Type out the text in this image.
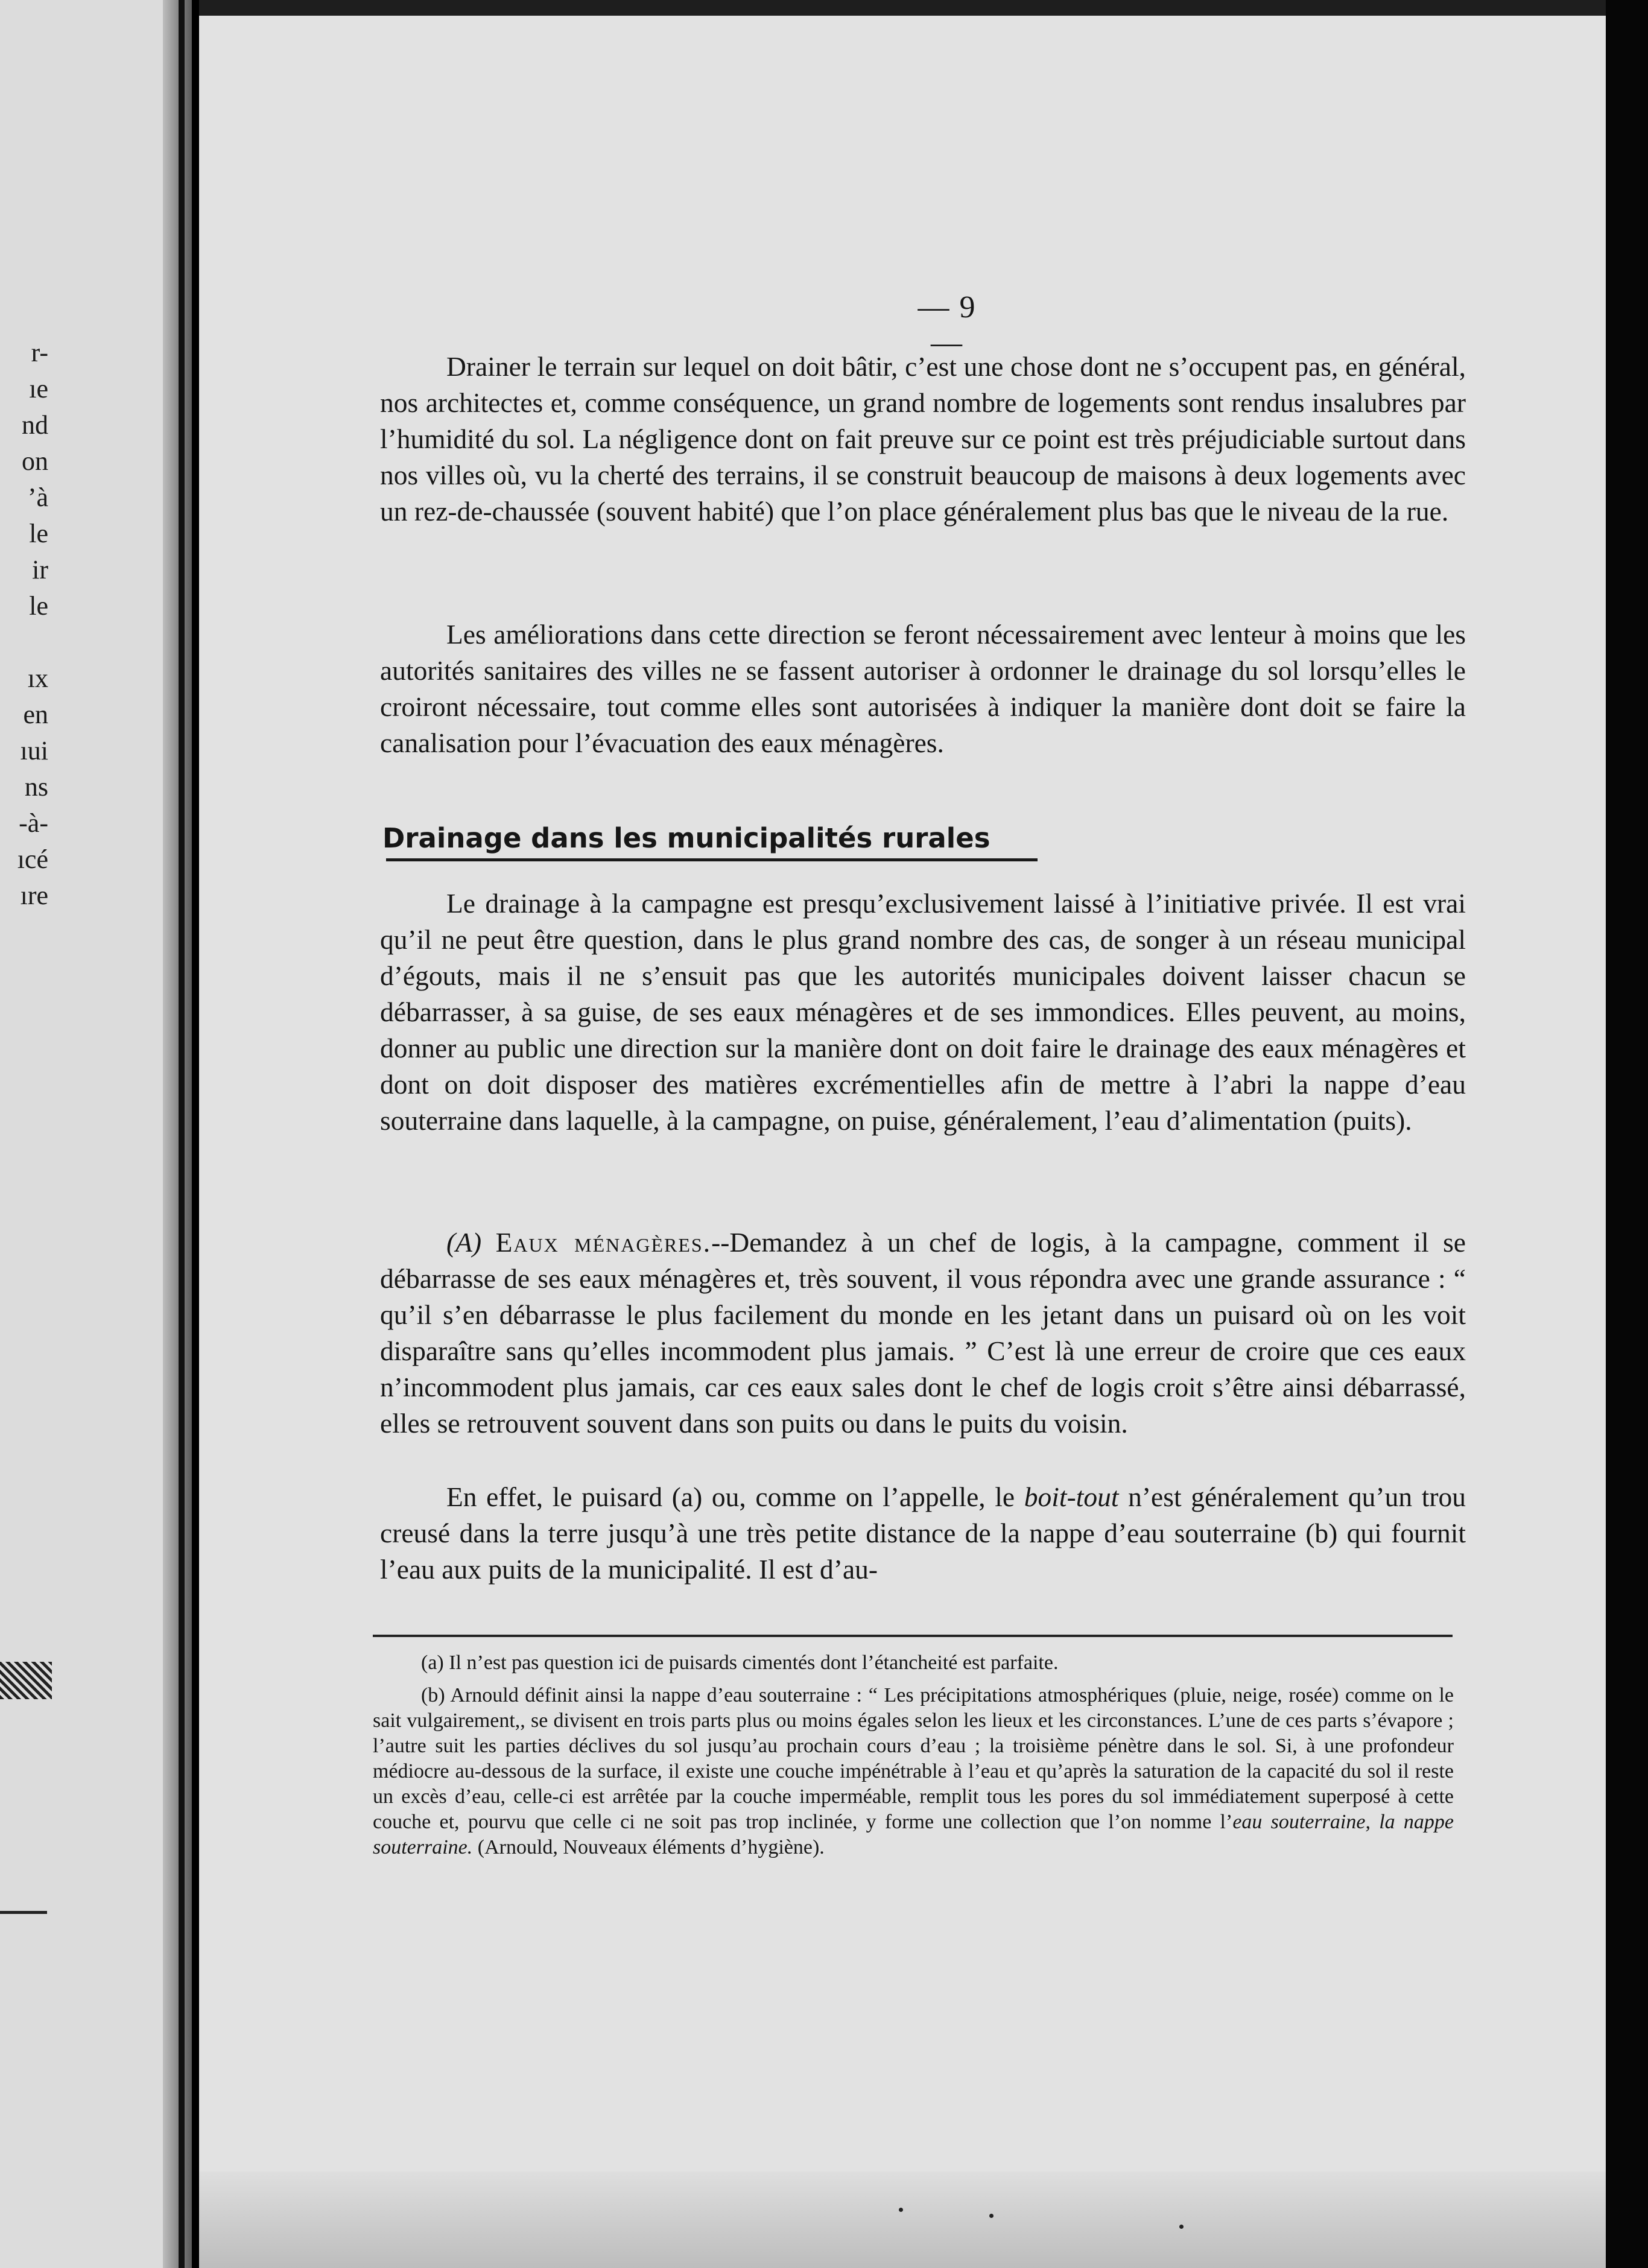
r-
ıe
nd
on
’à
le
ir
le
ıx
en
ıui
ns
-à-
ıcé
ıre
— 9 —

Drainer le terrain sur lequel on doit bâtir, c’est une chose dont ne s’occupent pas, en général, nos architectes et, comme conséquence, un grand nombre de logements sont rendus insalubres par l’humidité du sol. La négligence dont on fait preuve sur ce point est très préjudiciable surtout dans nos villes où, vu la cherté des terrains, il se construit beaucoup de maisons à deux logements avec un rez-de-chaussée (souvent habité) que l’on place généralement plus bas que le niveau de la rue.

Les améliorations dans cette direction se feront nécessairement avec lenteur à moins que les autorités sanitaires des villes ne se fassent autoriser à ordonner le drainage du sol lorsqu’elles le croiront nécessaire, tout comme elles sont autorisées à indiquer la manière dont doit se faire la canalisation pour l’évacuation des eaux ménagères.

Drainage dans les municipalités rurales

Le drainage à la campagne est presqu’exclusivement laissé à l’initiative privée. Il est vrai qu’il ne peut être question, dans le plus grand nombre des cas, de songer à un réseau municipal d’égouts, mais il ne s’ensuit pas que les autorités municipales doivent laisser chacun se débarrasser, à sa guise, de ses eaux ménagères et de ses immondices. Elles peuvent, au moins, donner au public une direction sur la manière dont on doit faire le drainage des eaux ménagères et dont on doit disposer des matières excrémentielles afin de mettre à l’abri la nappe d’eau souterraine dans laquelle, à la campagne, on puise, généralement, l’eau d’alimentation (puits).

(A) Eaux ménagères.--Demandez à un chef de logis, à la campagne, comment il se débarrasse de ses eaux ménagères et, très souvent, il vous répondra avec une grande assurance : “ qu’il s’en débarrasse le plus facilement du monde en les jetant dans un puisard où on les voit disparaître sans qu’elles incommodent plus jamais. ” C’est là une erreur de croire que ces eaux n’incommodent plus jamais, car ces eaux sales dont le chef de logis croit s’être ainsi débarrassé, elles se retrouvent souvent dans son puits ou dans le puits du voisin.

En effet, le puisard (a) ou, comme on l’appelle, le boit-tout n’est généralement qu’un trou creusé dans la terre jusqu’à une très petite distance de la nappe d’eau souterraine (b) qui fournit l’eau aux puits de la municipalité. Il est d’au-

(a) Il n’est pas question ici de puisards cimentés dont l’étancheité est parfaite.

(b) Arnould définit ainsi la nappe d’eau souterraine : “ Les précipitations atmosphériques (pluie, neige, rosée) comme on le sait vulgairement,, se divisent en trois parts plus ou moins égales selon les lieux et les circonstances. L’une de ces parts s’évapore ; l’autre suit les parties déclives du sol jusqu’au prochain cours d’eau ; la troisième pénètre dans le sol. Si, à une profondeur médiocre au-dessous de la surface, il existe une couche impénétrable à l’eau et qu’après la saturation de la capacité du sol il reste un excès d’eau, celle-ci est arrêtée par la couche imperméable, remplit tous les pores du sol immédiatement superposé à cette couche et, pourvu que celle ci ne soit pas trop inclinée, y forme une collection que l’on nomme l’eau souterraine, la nappe souterraine. (Arnould, Nouveaux éléments d’hygiène).
